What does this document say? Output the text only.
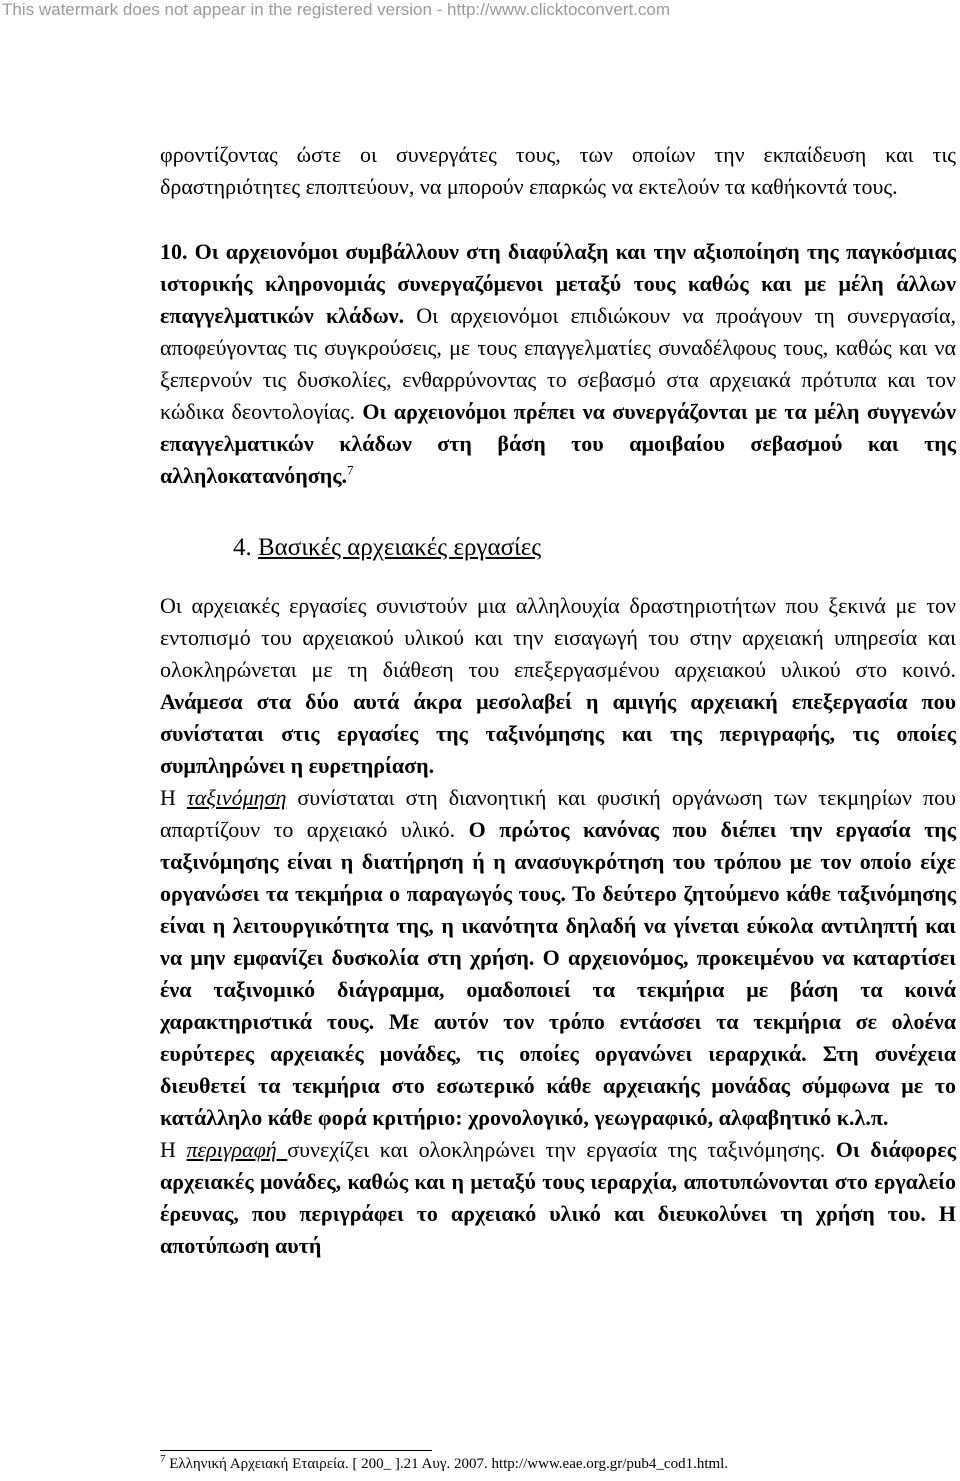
This watermark does not appear in the registered version - http://www.clicktoconvert.com

φροντίζοντας ώστε οι συνεργάτες τους, των οποίων την εκπαίδευση και τις δραστηριότητες εποπτεύουν, να μπορούν επαρκώς να εκτελούν τα καθήκοντά τους.

10. Οι αρχειονόμοι συμβάλλουν στη διαφύλαξη και την αξιοποίηση της παγκόσμιας ιστορικής κληρονομιάς συνεργαζόμενοι μεταξύ τους καθώς και με μέλη άλλων επαγγελματικών κλάδων. Οι αρχειονόμοι επιδιώκουν να προάγουν τη συνεργασία, αποφεύγοντας τις συγκρούσεις, με τους επαγγελματίες συναδέλφους τους, καθώς και να ξεπερνούν τις δυσκολίες, ενθαρρύνοντας το σεβασμό στα αρχειακά πρότυπα και τον κώδικα δεοντολογίας. Οι αρχειονόμοι πρέπει να συνεργάζονται με τα μέλη συγγενών επαγγελματικών κλάδων στη βάση του αμοιβαίου σεβασμού και της αλληλοκατανόησης.$^7$

4. Βασικές αρχειακές εργασίες

Οι αρχειακές εργασίες συνιστούν μια αλληλουχία δραστηριοτήτων που ξεκινά με τον εντοπισμό του αρχειακού υλικού και την εισαγωγή του στην αρχειακή υπηρεσία και ολοκληρώνεται με τη διάθεση του επεξεργασμένου αρχειακού υλικού στο κοινό. Ανάμεσα στα δύο αυτά άκρα μεσολαβεί η αμιγής αρχειακή επεξεργασία που συνίσταται στις εργασίες της ταξινόμησης και της περιγραφής, τις οποίες συμπληρώνει η ευρετηρίαση.

Η ταξινόμηση συνίσταται στη διανοητική και φυσική οργάνωση των τεκμηρίων που απαρτίζουν το αρχειακό υλικό. Ο πρώτος κανόνας που διέπει την εργασία της ταξινόμησης είναι η διατήρηση ή η ανασυγκρότηση του τρόπου με τον οποίο είχε οργανώσει τα τεκμήρια ο παραγωγός τους. Το δεύτερο ζητούμενο κάθε ταξινόμησης είναι η λειτουργικότητα της, η ικανότητα δηλαδή να γίνεται εύκολα αντιληπτή και να μην εμφανίζει δυσκολία στη χρήση. Ο αρχειονόμος, προκειμένου να καταρτίσει ένα ταξινομικό διάγραμμα, ομαδοποιεί τα τεκμήρια με βάση τα κοινά χαρακτηριστικά τους. Με αυτόν τον τρόπο εντάσσει τα τεκμήρια σε ολοένα ευρύτερες αρχειακές μονάδες, τις οποίες οργανώνει ιεραρχικά. Στη συνέχεια διευθετεί τα τεκμήρια στο εσωτερικό κάθε αρχειακής μονάδας σύμφωνα με το κατάλληλο κάθε φορά κριτήριο: χρονολογικό, γεωγραφικό, αλφαβητικό κ.λ.π.

Η περιγραφή συνεχίζει και ολοκληρώνει την εργασία της ταξινόμησης. Οι διάφορες αρχειακές μονάδες, καθώς και η μεταξύ τους ιεραρχία, αποτυπώνονται στο εργαλείο έρευνας, που περιγράφει το αρχειακό υλικό και διευκολύνει τη χρήση του. Η αποτύπωση αυτή

$^7$ Ελληνική Αρχειακή Εταιρεία. [ 200_ ].21 Αυγ. 2007. http://www.eae.org.gr/pub4_cod1.html.
